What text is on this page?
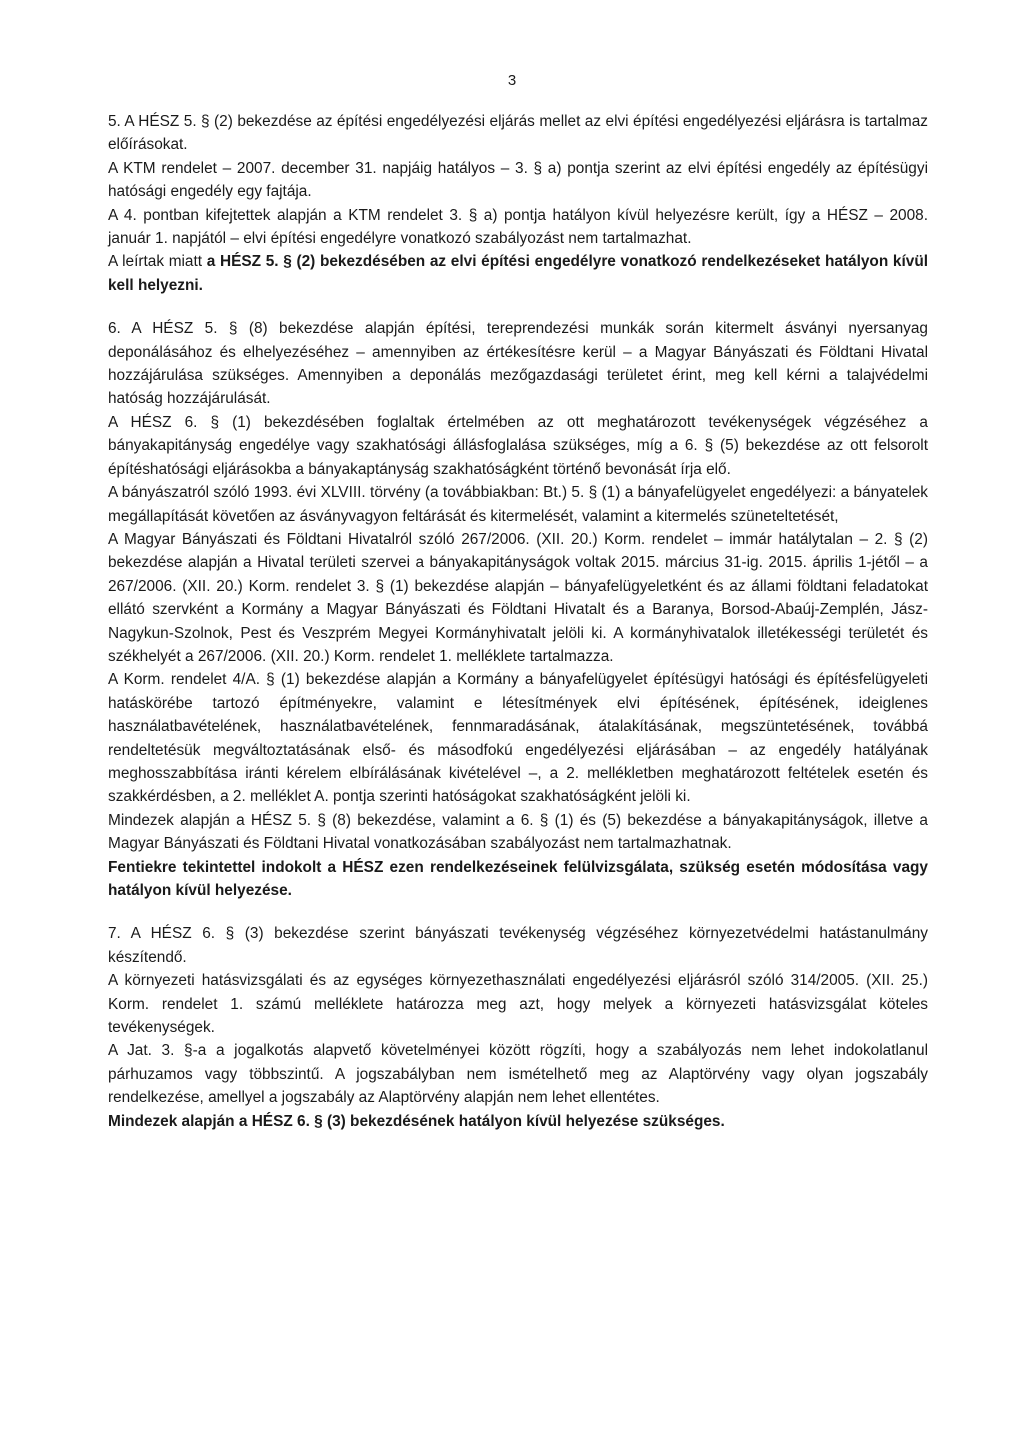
3

5. A HÉSZ 5. § (2) bekezdése az építési engedélyezési eljárás mellet az elvi építési engedélyezési eljárásra is tartalmaz előírásokat.

A KTM rendelet – 2007. december 31. napjáig hatályos – 3. § a) pontja szerint az elvi építési engedély az építésügyi hatósági engedély egy fajtája.

A 4. pontban kifejtettek alapján a KTM rendelet 3. § a) pontja hatályon kívül helyezésre került, így a HÉSZ – 2008. január 1. napjától – elvi építési engedélyre vonatkozó szabályozást nem tartalmazhat.

A leírtak miatt a HÉSZ 5. § (2) bekezdésében az elvi építési engedélyre vonatkozó rendelkezéseket hatályon kívül kell helyezni.

6. A HÉSZ 5. § (8) bekezdése alapján építési, tereprendezési munkák során kitermelt ásványi nyersanyag deponálásához és elhelyezéséhez – amennyiben az értékesítésre kerül – a Magyar Bányászati és Földtani Hivatal hozzájárulása szükséges. Amennyiben a deponálás mezőgazdasági területet érint, meg kell kérni a talajvédelmi hatóság hozzájárulását.

A HÉSZ 6. § (1) bekezdésében foglaltak értelmében az ott meghatározott tevékenységek végzéséhez a bányakapitányság engedélye vagy szakhatósági állásfoglalása szükséges, míg a 6. § (5) bekezdése az ott felsorolt építéshatósági eljárásokba a bányakaptányság szakhatóságként történő bevonását írja elő.

A bányászatról szóló 1993. évi XLVIII. törvény (a továbbiakban: Bt.) 5. § (1) a bányafelügyelet engedélyezi: a bányatelek megállapítását követően az ásványvagyon feltárását és kitermelését, valamint a kitermelés szüneteltetését,

A Magyar Bányászati és Földtani Hivatalról szóló 267/2006. (XII. 20.) Korm. rendelet – immár hatálytalan – 2. § (2) bekezdése alapján a Hivatal területi szervei a bányakapitányságok voltak 2015. március 31-ig. 2015. április 1-jétől – a 267/2006. (XII. 20.) Korm. rendelet 3. § (1) bekezdése alapján – bányafelügyeletként és az állami földtani feladatokat ellátó szervként a Kormány a Magyar Bányászati és Földtani Hivatalt és a Baranya, Borsod-Abaúj-Zemplén, Jász-Nagykun-Szolnok, Pest és Veszprém Megyei Kormányhivatalt jelöli ki. A kormányhivatalok illetékességi területét és székhelyét a 267/2006. (XII. 20.) Korm. rendelet 1. melléklete tartalmazza.

A Korm. rendelet 4/A. § (1) bekezdése alapján a Kormány a bányafelügyelet építésügyi hatósági és építésfelügyeleti hatáskörébe tartozó építményekre, valamint e létesítmények elvi építésének, építésének, ideiglenes használatbavételének, használatbavételének, fennmaradásának, átalakításának, megszüntetésének, továbbá rendeltetésük megváltoztatásának első- és másodfokú engedélyezési eljárásában – az engedély hatályának meghosszabbítása iránti kérelem elbírálásának kivételével –, a 2. mellékletben meghatározott feltételek esetén és szakkérdésben, a 2. melléklet A. pontja szerinti hatóságokat szakhatóságként jelöli ki.

Mindezek alapján a HÉSZ 5. § (8) bekezdése, valamint a 6. § (1) és (5) bekezdése a bányakapitányságok, illetve a Magyar Bányászati és Földtani Hivatal vonatkozásában szabályozást nem tartalmazhatnak.

Fentiekre tekintettel indokolt a HÉSZ ezen rendelkezéseinek felülvizsgálata, szükség esetén módosítása vagy hatályon kívül helyezése.

7. A HÉSZ 6. § (3) bekezdése szerint bányászati tevékenység végzéséhez környezetvédelmi hatástanulmány készítendő.

A környezeti hatásvizsgálati és az egységes környezethasználati engedélyezési eljárásról szóló 314/2005. (XII. 25.) Korm. rendelet 1. számú melléklete határozza meg azt, hogy melyek a környezeti hatásvizsgálat köteles tevékenységek.

A Jat. 3. §-a a jogalkotás alapvető követelményei között rögzíti, hogy a szabályozás nem lehet indokolatlanul párhuzamos vagy többszintű. A jogszabályban nem ismételhető meg az Alaptörvény vagy olyan jogszabály rendelkezése, amellyel a jogszabály az Alaptörvény alapján nem lehet ellentétes.

Mindezek alapján a HÉSZ 6. § (3) bekezdésének hatályon kívül helyezése szükséges.
